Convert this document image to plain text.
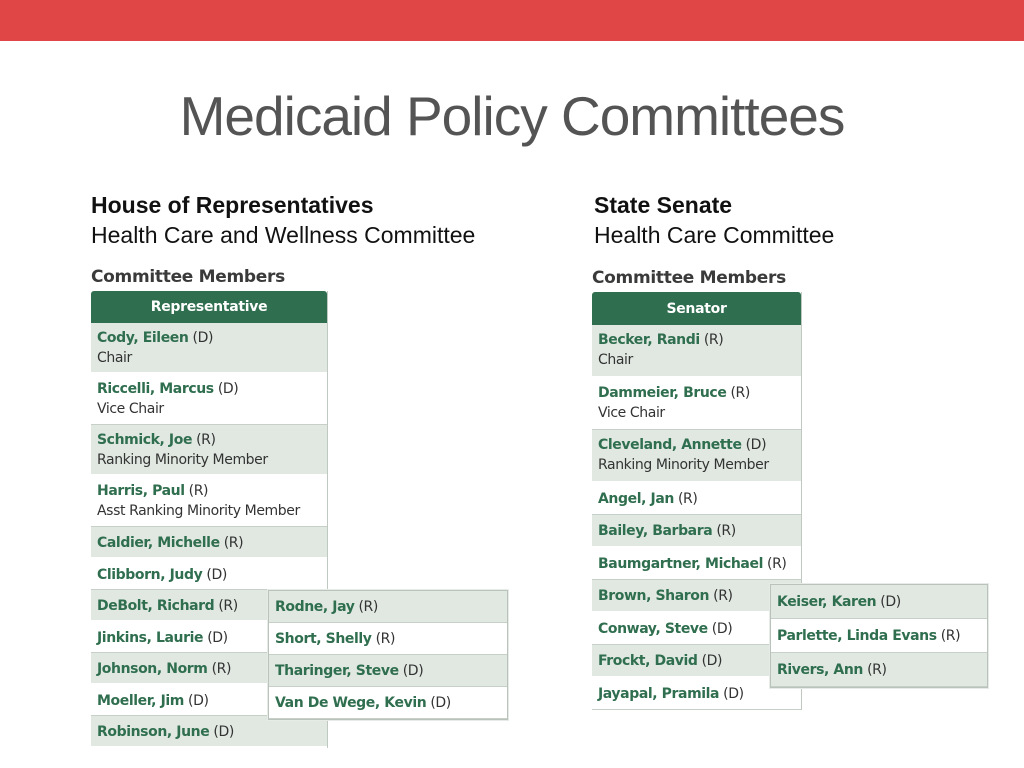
Medicaid Policy Committees
House of Representatives
Health Care and Wellness Committee
State Senate
Health Care Committee
Committee Members
Representative
Cody, Eileen (D)
Chair
Riccelli, Marcus (D)
Vice Chair
Schmick, Joe (R)
Ranking Minority Member
Harris, Paul (R)
Asst Ranking Minority Member
Caldier, Michelle (R)
Clibborn, Judy (D)
DeBolt, Richard (R)
Jinkins, Laurie (D)
Johnson, Norm (R)
Moeller, Jim (D)
Robinson, June (D)
Rodne, Jay (R)
Short, Shelly (R)
Tharinger, Steve (D)
Van De Wege, Kevin (D)
Committee Members
Senator
Becker, Randi (R)
Chair
Dammeier, Bruce (R)
Vice Chair
Cleveland, Annette (D)
Ranking Minority Member
Angel, Jan (R)
Bailey, Barbara (R)
Baumgartner, Michael (R)
Brown, Sharon (R)
Conway, Steve (D)
Frockt, David (D)
Jayapal, Pramila (D)
Keiser, Karen (D)
Parlette, Linda Evans (R)
Rivers, Ann (R)
